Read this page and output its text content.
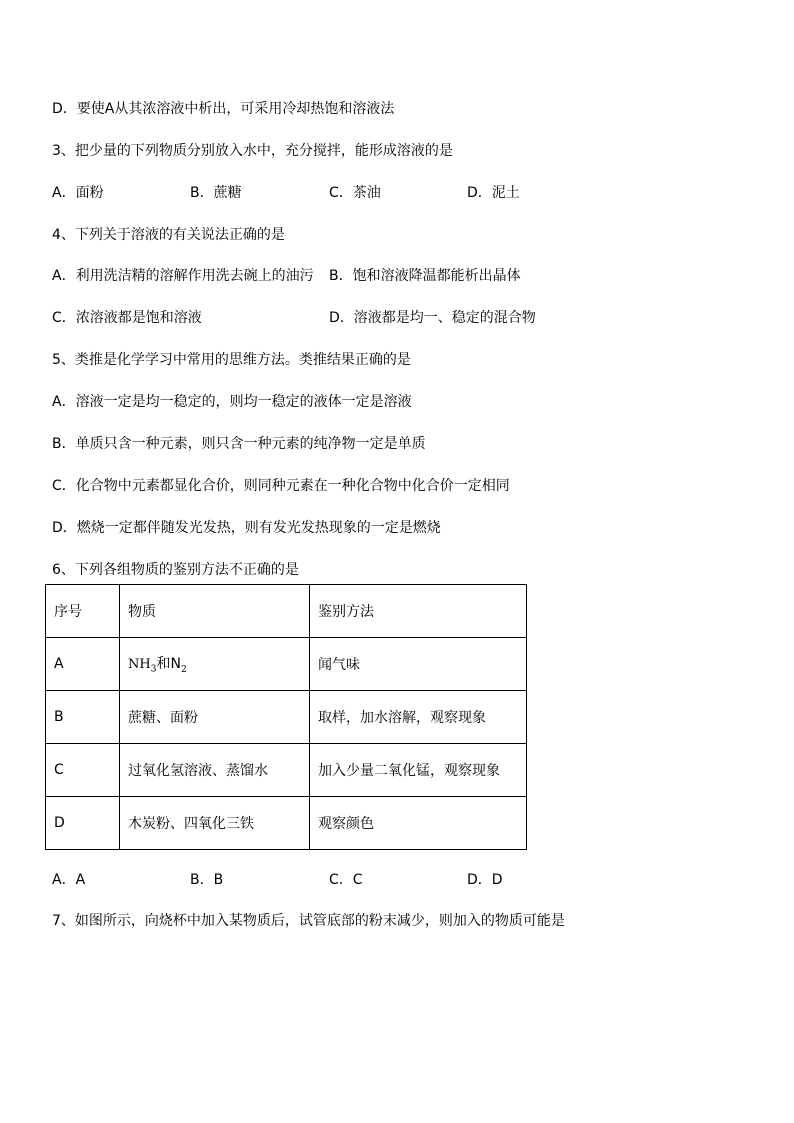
D．要使A从其浓溶液中析出，可采用冷却热饱和溶液法
3、把少量的下列物质分别放入水中，充分搅拌，能形成溶液的是
A．面粉	B．蔗糖	C．茶油	D．泥土
4、下列关于溶液的有关说法正确的是
A．利用洗洁精的溶解作用洗去碗上的油污 B．饱和溶液降温都能析出晶体
C．浓溶液都是饱和溶液	D．溶液都是均一、稳定的混合物
5、类推是化学学习中常用的思维方法。类推结果正确的是
A．溶液一定是均一稳定的，则均一稳定的液体一定是溶液
B．单质只含一种元素，则只含一种元素的纯净物一定是单质
C．化合物中元素都显化合价，则同种元素在一种化合物中化合价一定相同
D．燃烧一定都伴随发光发热，则有发光发热现象的一定是燃烧
6、下列各组物质的鉴别方法不正确的是
序号	物质	鉴别方法
A	$NH_3$和$N_2$	闻气味
B	蔗糖、面粉	取样，加水溶解，观察现象
C	过氧化氢溶液、蒸馏水	加入少量二氧化锰，观察现象
D	木炭粉、四氧化三铁	观察颜色
A．A	B．B	C．C	D．D
7、如图所示，向烧杯中加入某物质后，试管底部的粉末减少，则加入的物质可能是
